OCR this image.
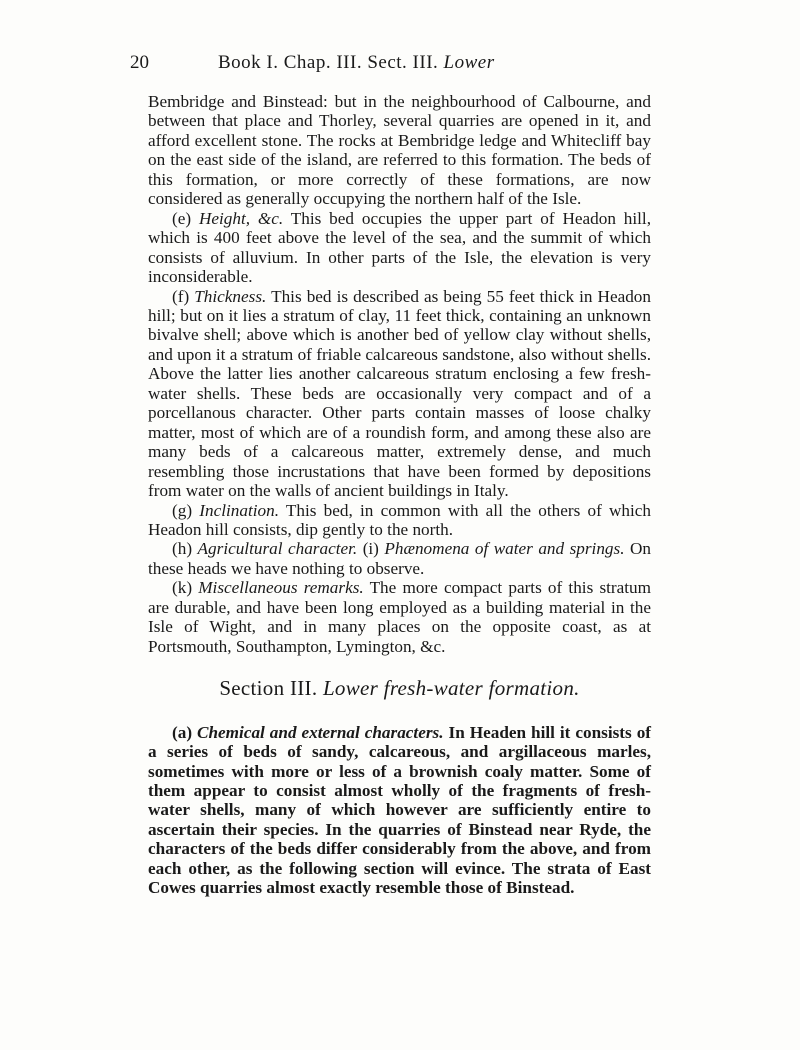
20	Book I. Chap. III. Sect. III. Lower

Bembridge and Binstead: but in the neighbourhood of Calbourne, and between that place and Thorley, several quarries are opened in it, and afford excellent stone. The rocks at Bembridge ledge and Whitecliff bay on the east side of the island, are referred to this formation. The beds of this formation, or more correctly of these formations, are now considered as generally occupying the northern half of the Isle.

(e) Height, &c. This bed occupies the upper part of Headon hill, which is 400 feet above the level of the sea, and the summit of which consists of alluvium. In other parts of the Isle, the elevation is very inconsiderable.

(f) Thickness. This bed is described as being 55 feet thick in Headon hill; but on it lies a stratum of clay, 11 feet thick, containing an unknown bivalve shell; above which is another bed of yellow clay without shells, and upon it a stratum of friable calcareous sandstone, also without shells. Above the latter lies another calcareous stratum enclosing a few fresh-water shells. These beds are occasionally very compact and of a porcellanous character. Other parts contain masses of loose chalky matter, most of which are of a roundish form, and among these also are many beds of a calcareous matter, extremely dense, and much resembling those incrustations that have been formed by depositions from water on the walls of ancient buildings in Italy.

(g) Inclination. This bed, in common with all the others of which Headon hill consists, dip gently to the north.

(h) Agricultural character. (i) Phænomena of water and springs. On these heads we have nothing to observe.

(k) Miscellaneous remarks. The more compact parts of this stratum are durable, and have been long employed as a building material in the Isle of Wight, and in many places on the opposite coast, as at Portsmouth, Southampton, Lymington, &c.

Section III. Lower fresh-water formation.

(a) Chemical and external characters. In Headen hill it consists of a series of beds of sandy, calcareous, and argillaceous marles, sometimes with more or less of a brownish coaly matter. Some of them appear to consist almost wholly of the fragments of fresh-water shells, many of which however are sufficiently entire to ascertain their species. In the quarries of Binstead near Ryde, the characters of the beds differ considerably from the above, and from each other, as the following section will evince. The strata of East Cowes quarries almost exactly resemble those of Binstead.
